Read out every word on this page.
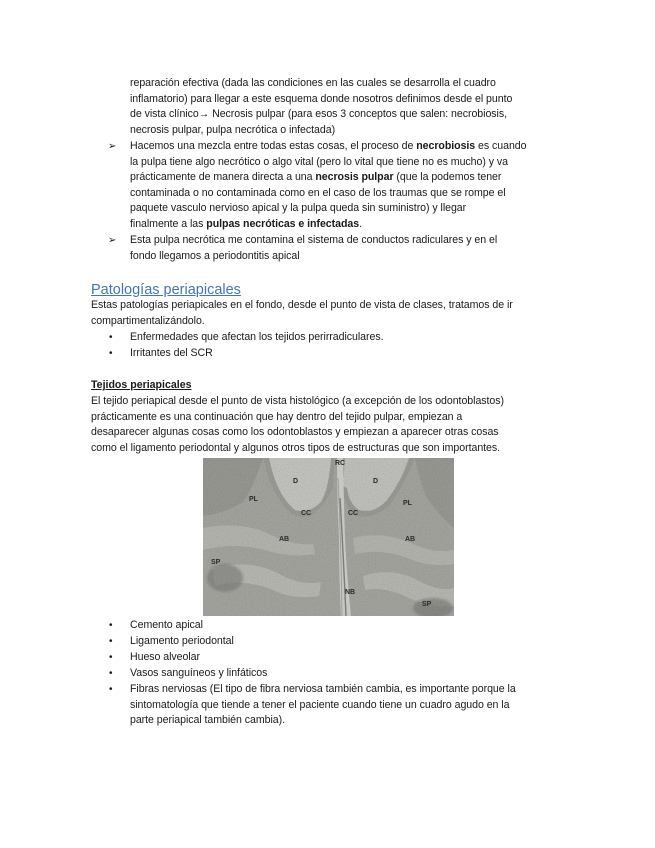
reparación efectiva (dada las condiciones en las cuales se desarrolla el cuadro
inflamatorio) para llegar a este esquema donde nosotros definimos desde el punto
de vista clínico→ Necrosis pulpar (para esos 3 conceptos que salen: necrobiosis,
necrosis pulpar, pulpa necrótica o infectada)
➢ Hacemos una mezcla entre todas estas cosas, el proceso de necrobiosis es cuando
la pulpa tiene algo necrótico o algo vital (pero lo vital que tiene no es mucho) y va
prácticamente de manera directa a una necrosis pulpar (que la podemos tener
contaminada o no contaminada como en el caso de los traumas que se rompe el
paquete vasculo nervioso apical y la pulpa queda sin suministro) y llegar
finalmente a las pulpas necróticas e infectadas.
➢ Esta pulpa necrótica me contamina el sistema de conductos radiculares y en el
fondo llegamos a periodontitis apical
Patologías periapicales
Estas patologías periapicales en el fondo, desde el punto de vista de clases, tratamos de ir
compartimentalizándolo.
• Enfermedades que afectan los tejidos perirradiculares.
• Irritantes del SCR
Tejidos periapicales
El tejido periapical desde el punto de vista histológico (a excepción de los odontoblastos)
prácticamente es una continuación que hay dentro del tejido pulpar, empiezan a
desaparecer algunas cosas como los odontoblastos y empiezan a aparecer otras cosas
como el ligamento periodontal y algunos otros tipos de estructuras que son importantes.
RC
D	D
PL
PL
CC	CC
AB	AB
SP
NB
SP
• Cemento apical
• Ligamento periodontal
• Hueso alveolar
• Vasos sanguíneos y linfáticos
• Fibras nerviosas (El tipo de fibra nerviosa también cambia, es importante porque la
sintomatología que tiende a tener el paciente cuando tiene un cuadro agudo en la
parte periapical también cambia).
